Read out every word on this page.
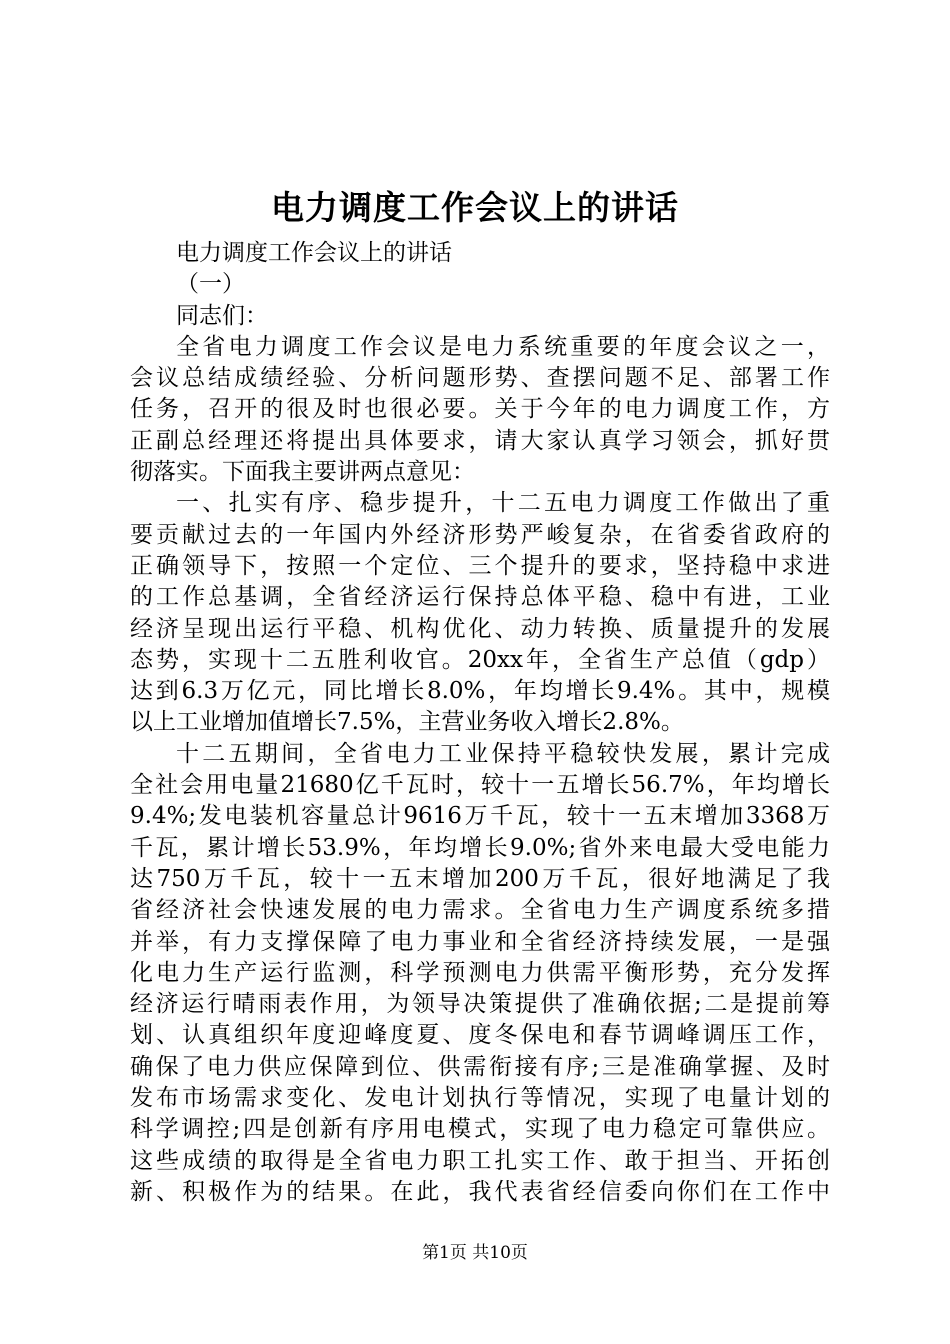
电力调度工作会议上的讲话
电力调度工作会议上的讲话
（一）
同志们：
全省电力调度工作会议是电力系统重要的年度会议之一，
会议总结成绩经验、分析问题形势、查摆问题不足、部署工作
任务，召开的很及时也很必要。关于今年的电力调度工作，方
正副总经理还将提出具体要求，请大家认真学习领会，抓好贯
彻落实。下面我主要讲两点意见：
一、扎实有序、稳步提升，十二五电力调度工作做出了重
要贡献过去的一年国内外经济形势严峻复杂，在省委省政府的
正确领导下，按照一个定位、三个提升的要求，坚持稳中求进
的工作总基调，全省经济运行保持总体平稳、稳中有进，工业
经济呈现出运行平稳、机构优化、动力转换、质量提升的发展
态势，实现十二五胜利收官。20xx年，全省生产总值（gdp）
达到6.3万亿元，同比增长8.0%，年均增长9.4%。其中，规模
以上工业增加值增长7.5%，主营业务收入增长2.8%。
十二五期间，全省电力工业保持平稳较快发展，累计完成
全社会用电量21680亿千瓦时，较十一五增长56.7%，年均增长
9.4%;发电装机容量总计9616万千瓦，较十一五末增加3368万
千瓦，累计增长53.9%，年均增长9.0%;省外来电最大受电能力
达750万千瓦，较十一五末增加200万千瓦，很好地满足了我
省经济社会快速发展的电力需求。全省电力生产调度系统多措
并举，有力支撑保障了电力事业和全省经济持续发展，一是强
化电力生产运行监测，科学预测电力供需平衡形势，充分发挥
经济运行晴雨表作用，为领导决策提供了准确依据;二是提前筹
划、认真组织年度迎峰度夏、度冬保电和春节调峰调压工作，
确保了电力供应保障到位、供需衔接有序;三是准确掌握、及时
发布市场需求变化、发电计划执行等情况，实现了电量计划的
科学调控;四是创新有序用电模式，实现了电力稳定可靠供应。
这些成绩的取得是全省电力职工扎实工作、敢于担当、开拓创
新、积极作为的结果。在此，我代表省经信委向你们在工作中
第1页 共10页
